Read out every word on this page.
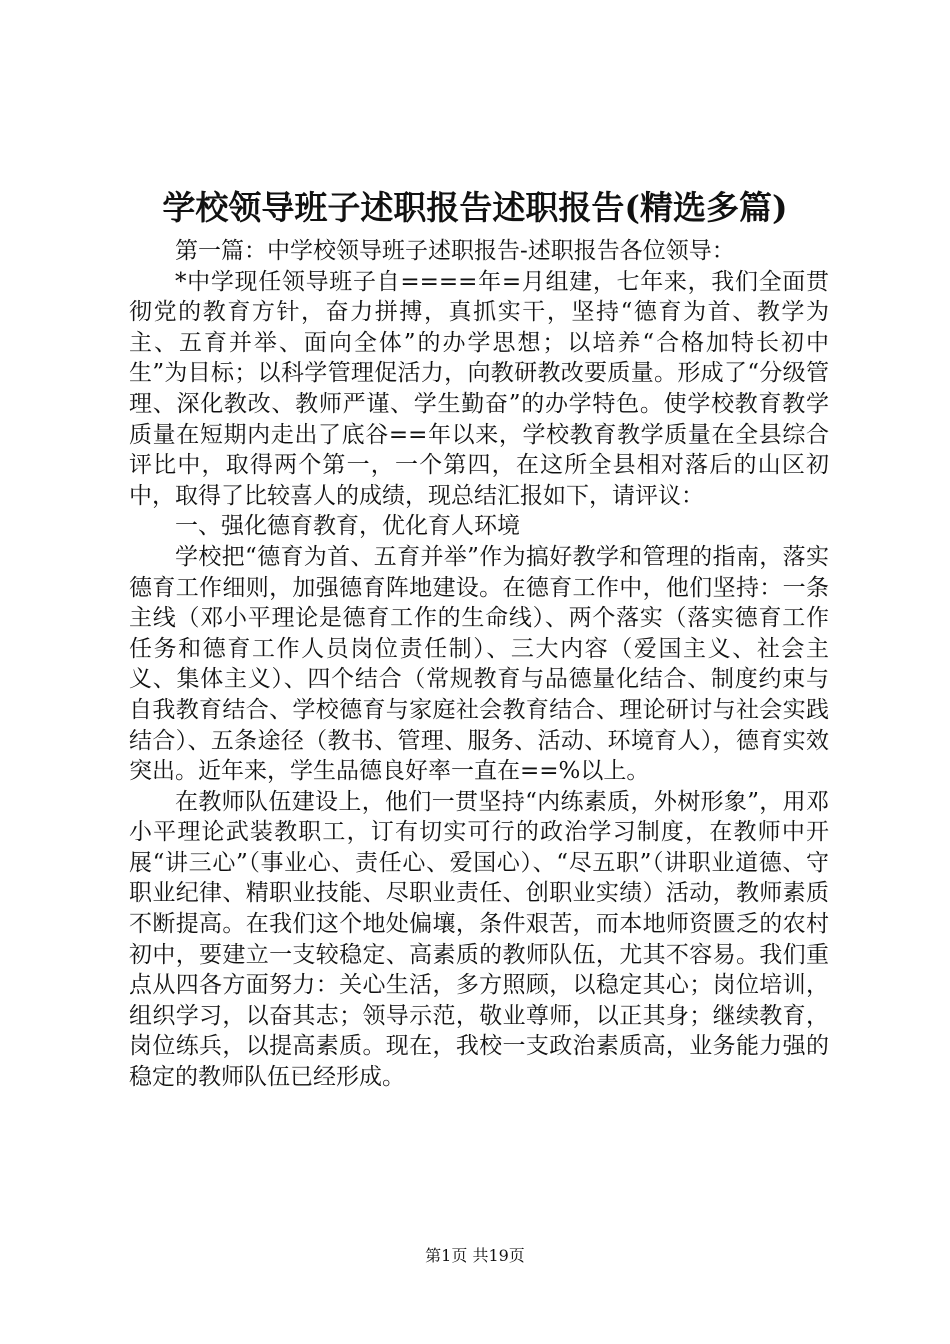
学校领导班子述职报告述职报告(精选多篇)

第一篇：中学校领导班子述职报告-述职报告各位领导：

*中学现任领导班子自====年=月组建，七年来，我们全面贯彻党的教育方针，奋力拼搏，真抓实干，坚持“德育为首、教学为主、五育并举、面向全体”的办学思想；以培养“合格加特长初中生”为目标；以科学管理促活力，向教研教改要质量。形成了“分级管理、深化教改、教师严谨、学生勤奋”的办学特色。使学校教育教学质量在短期内走出了底谷==年以来，学校教育教学质量在全县综合评比中，取得两个第一，一个第四，在这所全县相对落后的山区初中，取得了比较喜人的成绩，现总结汇报如下，请评议：

一、强化德育教育，优化育人环境

学校把“德育为首、五育并举”作为搞好教学和管理的指南，落实德育工作细则，加强德育阵地建设。在德育工作中，他们坚持：一条主线（邓小平理论是德育工作的生命线）、两个落实（落实德育工作任务和德育工作人员岗位责任制）、三大内容（爱国主义、社会主义、集体主义）、四个结合（常规教育与品德量化结合、制度约束与自我教育结合、学校德育与家庭社会教育结合、理论研讨与社会实践结合）、五条途径（教书、管理、服务、活动、环境育人），德育实效突出。近年来，学生品德良好率一直在==%以上。

在教师队伍建设上，他们一贯坚持“内练素质，外树形象”，用邓小平理论武装教职工，订有切实可行的政治学习制度，在教师中开展“讲三心”（事业心、责任心、爱国心）、“尽五职”（讲职业道德、守职业纪律、精职业技能、尽职业责任、创职业实绩）活动，教师素质不断提高。在我们这个地处偏壤，条件艰苦，而本地师资匮乏的农村初中，要建立一支较稳定、高素质的教师队伍，尤其不容易。我们重点从四各方面努力：关心生活，多方照顾，以稳定其心；岗位培训，组织学习，以奋其志；领导示范，敬业尊师，以正其身；继续教育，岗位练兵，以提高素质。现在，我校一支政治素质高，业务能力强的稳定的教师队伍已经形成。

第1页 共19页
